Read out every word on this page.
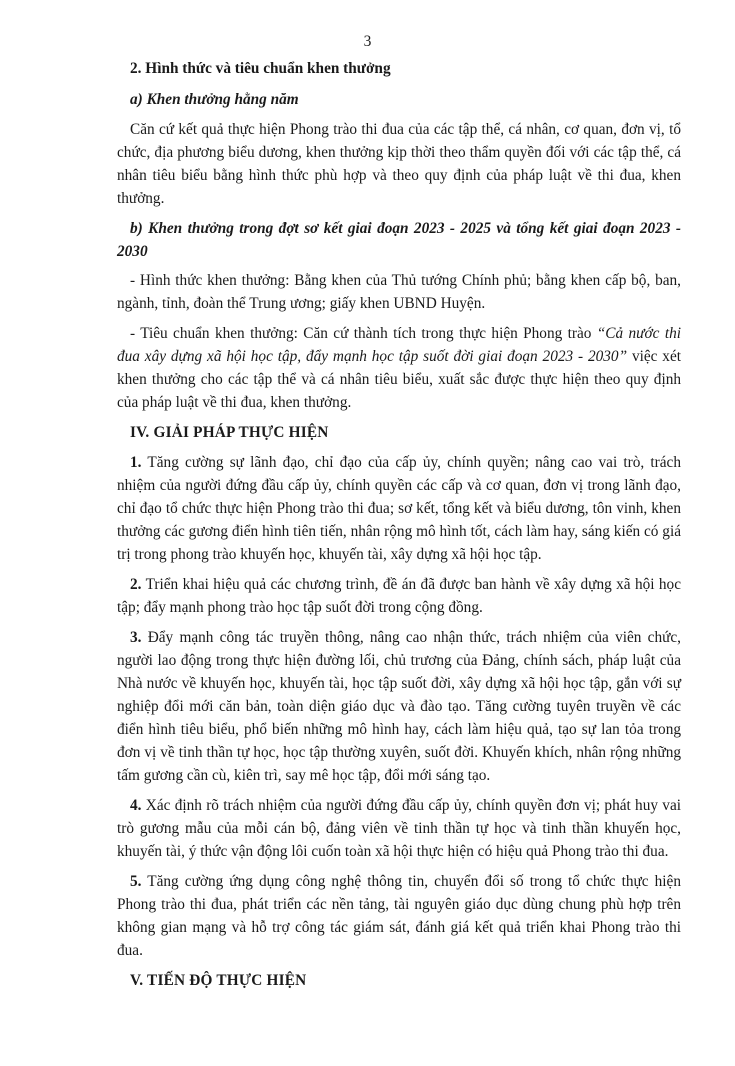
3
2. Hình thức và tiêu chuẩn khen thưởng
a) Khen thưởng hằng năm
Căn cứ kết quả thực hiện Phong trào thi đua của các tập thể, cá nhân, cơ quan, đơn vị, tổ chức, địa phương biểu dương, khen thưởng kịp thời theo thẩm quyền đối với các tập thể, cá nhân tiêu biểu bằng hình thức phù hợp và theo quy định của pháp luật về thi đua, khen thưởng.
b) Khen thưởng trong đợt sơ kết giai đoạn 2023 - 2025 và tổng kết giai đoạn 2023 - 2030
- Hình thức khen thưởng: Bằng khen của Thủ tướng Chính phủ; bằng khen cấp bộ, ban, ngành, tỉnh, đoàn thể Trung ương; giấy khen UBND Huyện.
- Tiêu chuẩn khen thưởng: Căn cứ thành tích trong thực hiện Phong trào “Cả nước thi đua xây dựng xã hội học tập, đẩy mạnh học tập suốt đời giai đoạn 2023 - 2030” việc xét khen thưởng cho các tập thể và cá nhân tiêu biểu, xuất sắc được thực hiện theo quy định của pháp luật về thi đua, khen thưởng.
IV. GIẢI PHÁP THỰC HIỆN
1. Tăng cường sự lãnh đạo, chỉ đạo của cấp ủy, chính quyền; nâng cao vai trò, trách nhiệm của người đứng đầu cấp ủy, chính quyền các cấp và cơ quan, đơn vị trong lãnh đạo, chỉ đạo tổ chức thực hiện Phong trào thi đua; sơ kết, tổng kết và biểu dương, tôn vinh, khen thưởng các gương điển hình tiên tiến, nhân rộng mô hình tốt, cách làm hay, sáng kiến có giá trị trong phong trào khuyến học, khuyến tài, xây dựng xã hội học tập.
2. Triển khai hiệu quả các chương trình, đề án đã được ban hành về xây dựng xã hội học tập; đẩy mạnh phong trào học tập suốt đời trong cộng đồng.
3. Đẩy mạnh công tác truyền thông, nâng cao nhận thức, trách nhiệm của viên chức, người lao động trong thực hiện đường lối, chủ trương của Đảng, chính sách, pháp luật của Nhà nước về khuyến học, khuyến tài, học tập suốt đời, xây dựng xã hội học tập, gắn với sự nghiệp đổi mới căn bản, toàn diện giáo dục và đào tạo. Tăng cường tuyên truyền về các điển hình tiêu biểu, phổ biến những mô hình hay, cách làm hiệu quả, tạo sự lan tỏa trong đơn vị về tinh thần tự học, học tập thường xuyên, suốt đời. Khuyến khích, nhân rộng những tấm gương cần cù, kiên trì, say mê học tập, đổi mới sáng tạo.
4. Xác định rõ trách nhiệm của người đứng đầu cấp ủy, chính quyền đơn vị; phát huy vai trò gương mẫu của mỗi cán bộ, đảng viên về tinh thần tự học và tinh thần khuyến học, khuyến tài, ý thức vận động lôi cuốn toàn xã hội thực hiện có hiệu quả Phong trào thi đua.
5. Tăng cường ứng dụng công nghệ thông tin, chuyển đổi số trong tổ chức thực hiện Phong trào thi đua, phát triển các nền tảng, tài nguyên giáo dục dùng chung phù hợp trên không gian mạng và hỗ trợ công tác giám sát, đánh giá kết quả triển khai Phong trào thi đua.
V. TIẾN ĐỘ THỰC HIỆN
